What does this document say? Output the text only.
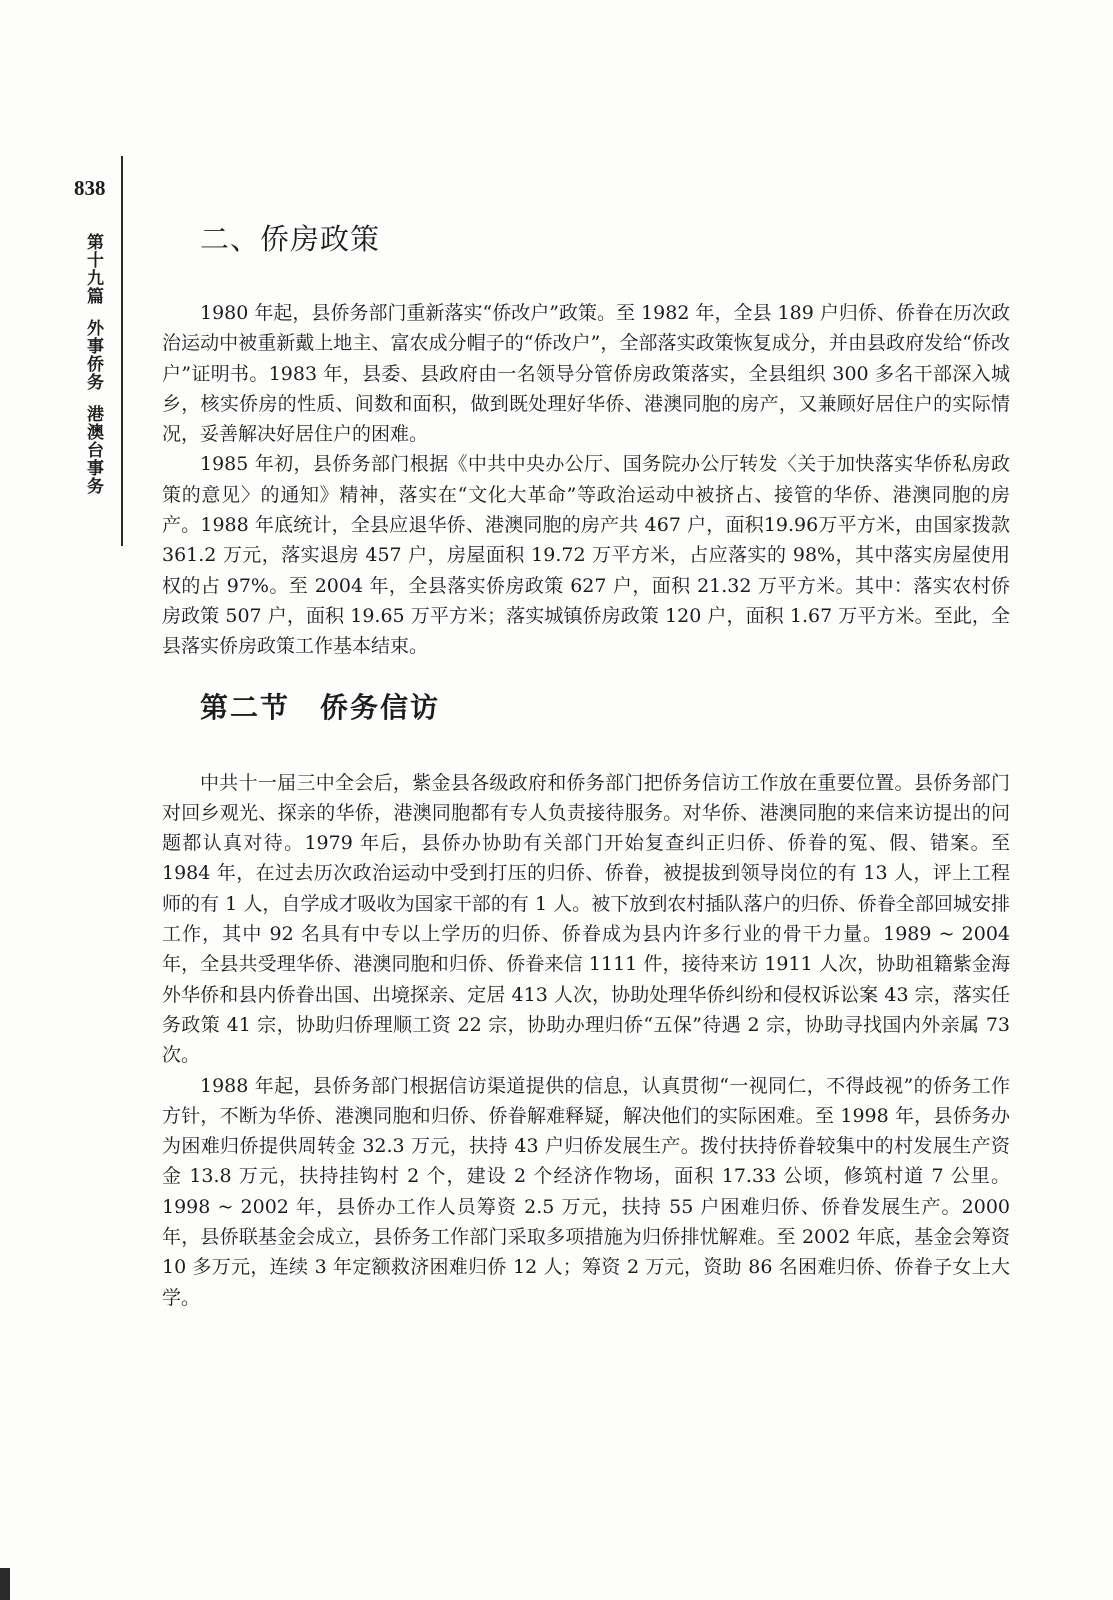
838
第十九篇外事侨务港澳台事务
二、侨房政策

1980 年起，县侨务部门重新落实“侨改户”政策。至 1982 年，全县 189 户归侨、侨眷在历次政治运动中被重新戴上地主、富农成分帽子的“侨改户”，全部落实政策恢复成分，并由县政府发给“侨改户”证明书。1983 年，县委、县政府由一名领导分管侨房政策落实，全县组织 300 多名干部深入城乡，核实侨房的性质、间数和面积，做到既处理好华侨、港澳同胞的房产，又兼顾好居住户的实际情况，妥善解决好居住户的困难。

1985 年初，县侨务部门根据《中共中央办公厅、国务院办公厅转发〈关于加快落实华侨私房政策的意见〉的通知》精神，落实在“文化大革命”等政治运动中被挤占、接管的华侨、港澳同胞的房产。1988 年底统计，全县应退华侨、港澳同胞的房产共 467 户，面积19.96万平方米，由国家拨款 361.2 万元，落实退房 457 户，房屋面积 19.72 万平方米，占应落实的 98%，其中落实房屋使用权的占 97%。至 2004 年，全县落实侨房政策 627 户，面积 21.32 万平方米。其中：落实农村侨房政策 507 户，面积 19.65 万平方米；落实城镇侨房政策 120 户，面积 1.67 万平方米。至此，全县落实侨房政策工作基本结束。

第二节 侨务信访

中共十一届三中全会后，紫金县各级政府和侨务部门把侨务信访工作放在重要位置。县侨务部门对回乡观光、探亲的华侨，港澳同胞都有专人负责接待服务。对华侨、港澳同胞的来信来访提出的问题都认真对待。1979 年后，县侨办协助有关部门开始复查纠正归侨、侨眷的冤、假、错案。至 1984 年，在过去历次政治运动中受到打压的归侨、侨眷，被提拔到领导岗位的有 13 人，评上工程师的有 1 人，自学成才吸收为国家干部的有 1 人。被下放到农村插队落户的归侨、侨眷全部回城安排工作，其中 92 名具有中专以上学历的归侨、侨眷成为县内许多行业的骨干力量。1989 ~ 2004 年，全县共受理华侨、港澳同胞和归侨、侨眷来信 1111 件，接待来访 1911 人次，协助祖籍紫金海外华侨和县内侨眷出国、出境探亲、定居 413 人次，协助处理华侨纠纷和侵权诉讼案 43 宗，落实任务政策 41 宗，协助归侨理顺工资 22 宗，协助办理归侨“五保”待遇 2 宗，协助寻找国内外亲属 73 次。

1988 年起，县侨务部门根据信访渠道提供的信息，认真贯彻“一视同仁，不得歧视”的侨务工作方针，不断为华侨、港澳同胞和归侨、侨眷解难释疑，解决他们的实际困难。至 1998 年，县侨务办为困难归侨提供周转金 32.3 万元，扶持 43 户归侨发展生产。拨付扶持侨眷较集中的村发展生产资金 13.8 万元，扶持挂钩村 2 个，建设 2 个经济作物场，面积 17.33 公顷，修筑村道 7 公里。1998 ~ 2002 年，县侨办工作人员筹资 2.5 万元，扶持 55 户困难归侨、侨眷发展生产。2000 年，县侨联基金会成立，县侨务工作部门采取多项措施为归侨排忧解难。至 2002 年底，基金会筹资 10 多万元，连续 3 年定额救济困难归侨 12 人；筹资 2 万元，资助 86 名困难归侨、侨眷子女上大学。
